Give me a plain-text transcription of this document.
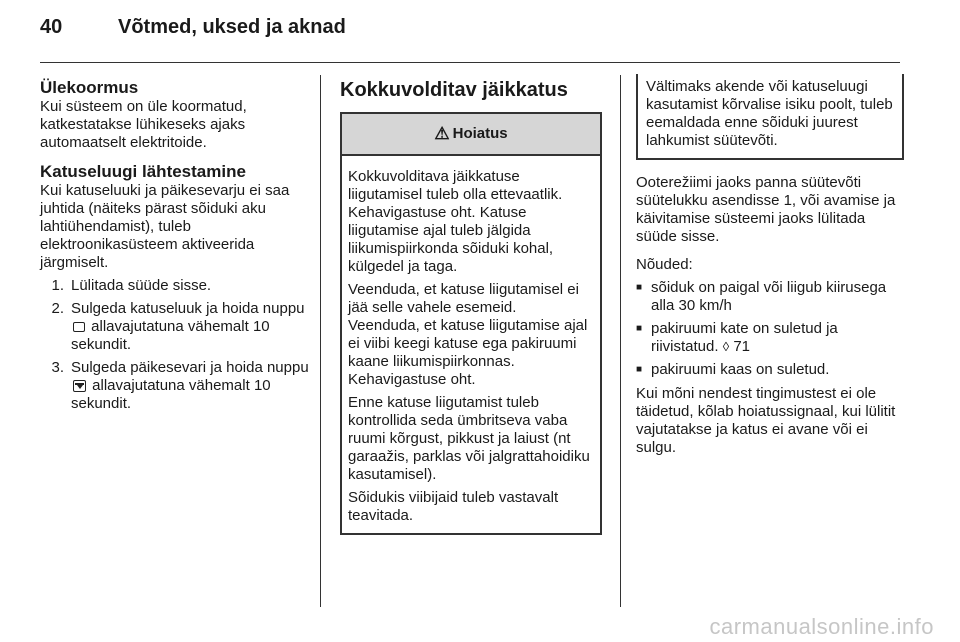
40	Võtmed, uksed ja aknad
Ülekoormus

Kui süsteem on üle koormatud, katkestatakse lühikeseks ajaks automaatselt elektritoide.

Katuseluugi lähtestamine

Kui katuseluuki ja päikesevarju ei saa juhtida (näiteks pärast sõiduki aku lahtiühendamist), tuleb elektroonikasüsteem aktiveerida järgmiselt.

1. Lülitada süüde sisse.
2. Sulgeda katuseluuk ja hoida nuppu  allavajutatuna vähemalt 10 sekundit.
3. Sulgeda päikesevari ja hoida nuppu  allavajutatuna vähemalt 10 sekundit.
Kokkuvolditav jäikkatus
⚠ Hoiatus

Kokkuvolditava jäikkatuse liigutamisel tuleb olla ettevaatlik. Kehavigastuse oht. Katuse liigutamise ajal tuleb jälgida liikumispiirkonda sõiduki kohal, külgedel ja taga.

Veenduda, et katuse liigutamisel ei jää selle vahele esemeid. Veenduda, et katuse liigutamise ajal ei viibi keegi katuse ega pakiruumi kaane liikumispiirkonnas. Kehavigastuse oht.

Enne katuse liigutamist tuleb kontrollida seda ümbritseva vaba ruumi kõrgust, pikkust ja laiust (nt garaažis, parklas või jalgrattahoidiku kasutamisel).

Sõidukis viibijaid tuleb vastavalt teavitada.

Vältimaks akende või katuseluugi kasutamist kõrvalise isiku poolt, tuleb eemaldada enne sõiduki juurest lahkumist süütevõti.

Ooterežiimi jaoks panna süütevõti süütelukku asendisse 1, või avamise ja käivitamise süsteemi jaoks lülitada süüde sisse.

Nõuded:

■ sõiduk on paigal või liigub kiirusega alla 30 km/h
■ pakiruumi kate on suletud ja riivistatud. ◊ 71
■ pakiruumi kaas on suletud.

Kui mõni nendest tingimustest ei ole täidetud, kõlab hoiatussignaal, kui lülitit vajutatakse ja katus ei avane või ei sulgu.

carmanualsonline.info
